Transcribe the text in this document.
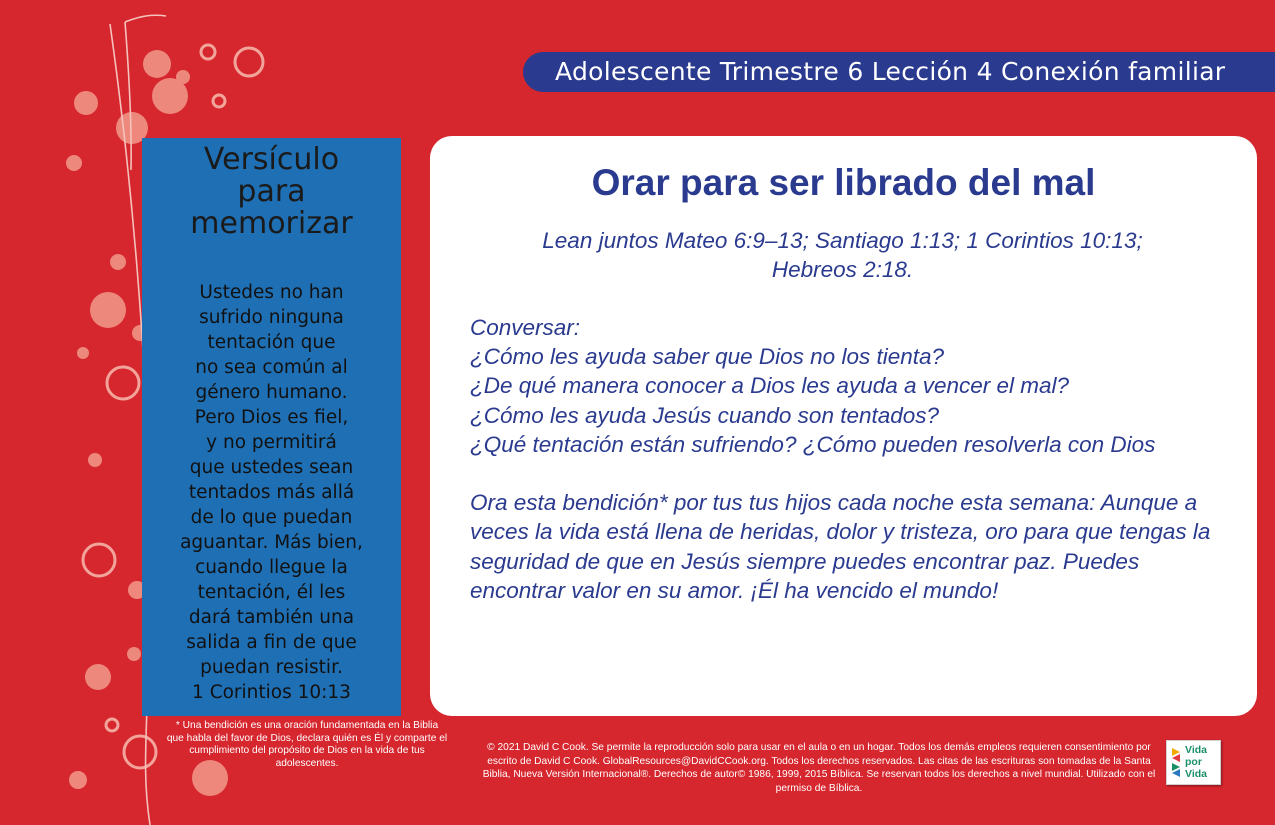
Adolescente Trimestre 6 Lección 4 Conexión familiar
Versículo
para
memorizar
Ustedes no han
sufrido ninguna
tentación que
no sea común al
género humano.
Pero Dios es fiel,
y no permitirá
que ustedes sean
tentados más allá
de lo que puedan
aguantar. Más bien,
cuando llegue la
tentación, él les
dará también una
salida a fin de que
puedan resistir.
1 Corintios 10:13
* Una bendición es una oración fundamentada en la Biblia que habla del favor de Dios, declara quién es Él y comparte el cumplimiento del propósito de Dios en la vida de tus adolescentes.
Orar para ser librado del mal
Lean juntos Mateo 6:9–13; Santiago 1:13; 1 Corintios 10:13;
Hebreos 2:18.

Conversar:

¿Cómo les ayuda saber que Dios no los tienta?

¿De qué manera conocer a Dios les ayuda a vencer el mal?

¿Cómo les ayuda Jesús cuando son tentados?

¿Qué tentación están sufriendo? ¿Cómo pueden resolverla con Dios

Ora esta bendición* por tus tus hijos cada noche esta semana: Aunque a veces la vida está llena de heridas, dolor y tristeza, oro para que tengas la seguridad de que en Jesús siempre puedes encontrar paz. Puedes encontrar valor en su amor. ¡Él ha vencido el mundo!

© 2021 David C Cook. Se permite la reproducción solo para usar en el aula o en un hogar. Todos los demás empleos requieren consentimiento por escrito de David C Cook. GlobalResources@DavidCCook.org. Todos los derechos reservados. Las citas de las escrituras son tomadas de la Santa Biblia, Nueva Versión Internacional®. Derechos de autor© 1986, 1999, 2015 Bíblica. Se reservan todos los derechos a nivel mundial. Utilizado con el permiso de Bíblica.
Vida
por
Vida
